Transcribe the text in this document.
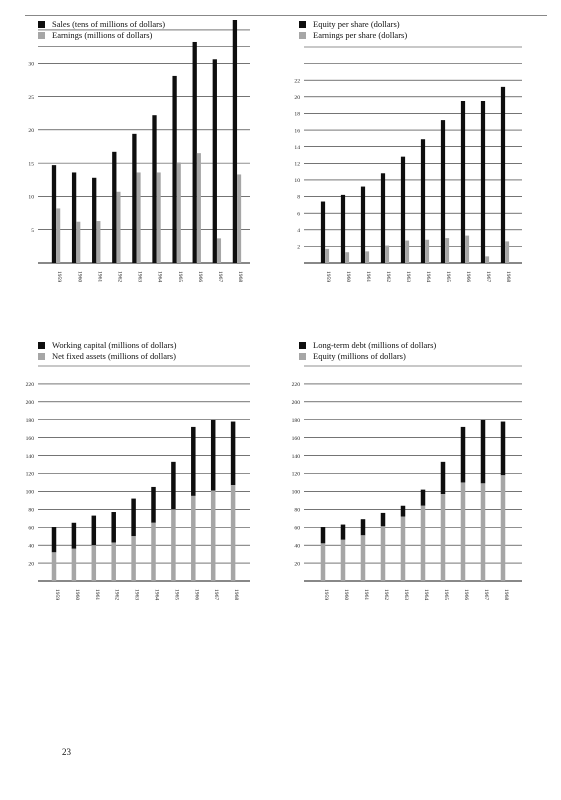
Sales (tens of millions of dollars)
Earnings (millions of dollars)
5
10
15
20
25
30
1959	1960	1961	1962	1963	1964	1965	1966	1967	1968
Equity per share (dollars)
Earnings per share (dollars)
2
4
6
8
10
12
14
16
18
20
22
1959	1960	1961	1962	1963	1964	1965	1966	1967	1968
Working capital (millions of dollars)
Net fixed assets (millions of dollars)
20
40
60
80
100
120
140
160
180
200
220
1959 1960 1961 1962 1963 1964 1965 1966 1967 1968
Long-term debt (millions of dollars)
Equity (millions of dollars)
20
40
60
80
100
120
140
160
180
200
220
1959	1960	1961	1962	1963	1964	1965	1966	1967	1968
23
